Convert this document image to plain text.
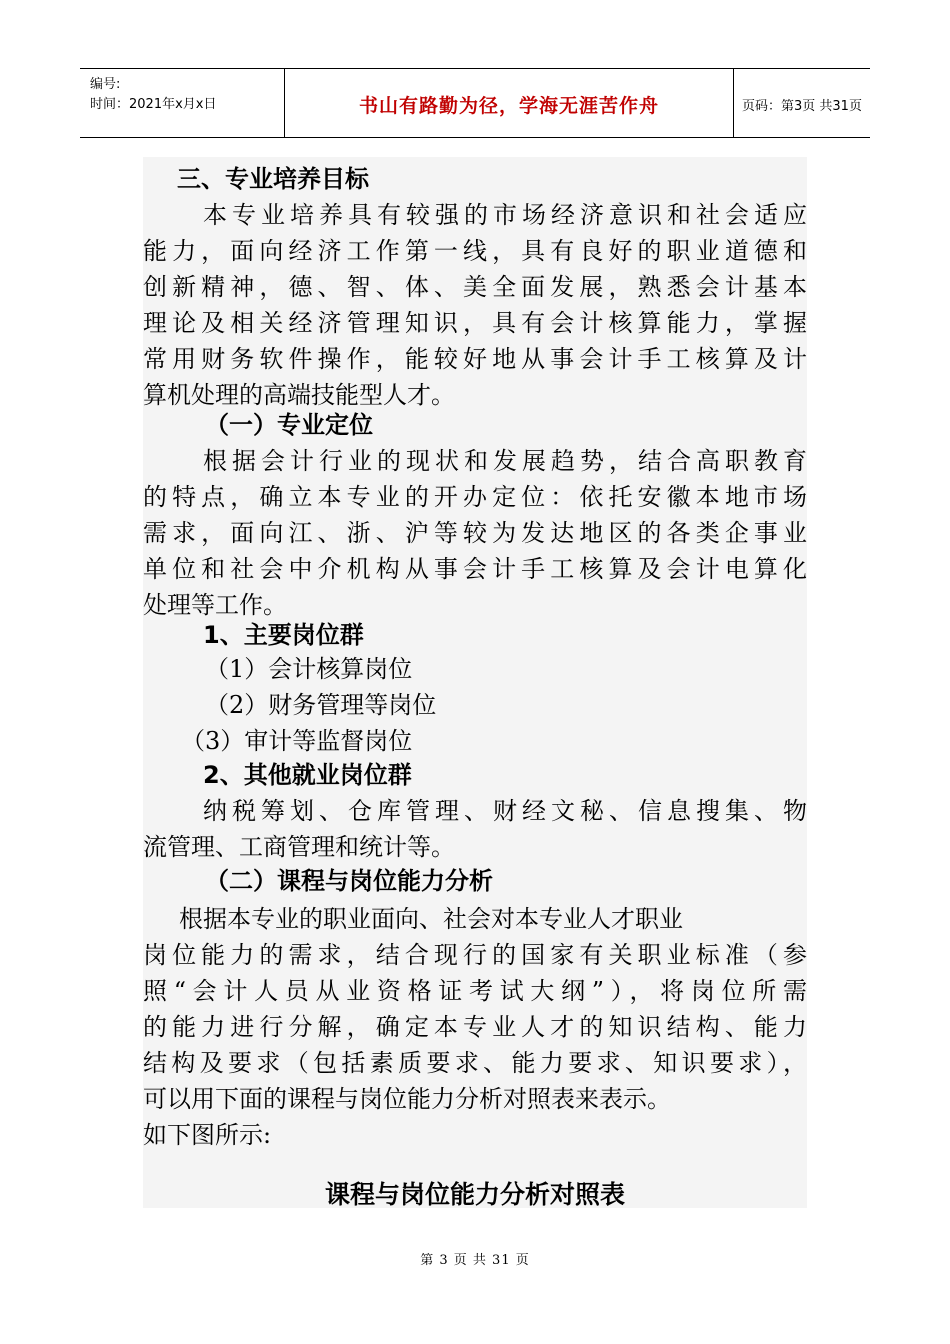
编号:
时间：2021年x月x日	书山有路勤为径，学海无涯苦作舟	页码：第3页 共31页
三、专业培养目标
本专业培养具有较强的市场经济意识和社会适应
能力，面向经济工作第一线，具有良好的职业道德和
创新精神，德、智、体、美全面发展，熟悉会计基本
理论及相关经济管理知识，具有会计核算能力，掌握
常用财务软件操作，能较好地从事会计手工核算及计
算机处理的高端技能型人才。
（一）专业定位
根据会计行业的现状和发展趋势，结合高职教育
的特点，确立本专业的开办定位：依托安徽本地市场
需求，面向江、浙、沪等较为发达地区的各类企事业
单位和社会中介机构从事会计手工核算及会计电算化
处理等工作。
1、主要岗位群
（1）会计核算岗位
（2）财务管理等岗位
（3）审计等监督岗位
2、其他就业岗位群
纳税筹划、仓库管理、财经文秘、信息搜集、物
流管理、工商管理和统计等。
（二）课程与岗位能力分析
根据本专业的职业面向、社会对本专业人才职业
岗位能力的需求，结合现行的国家有关职业标准（参
照“会计人员从业资格证考试大纲”），将岗位所需
的能力进行分解，确定本专业人才的知识结构、能力
结构及要求（包括素质要求、能力要求、知识要求），
可以用下面的课程与岗位能力分析对照表来表示。
如下图所示:
课程与岗位能力分析对照表
第 3 页 共 31 页
